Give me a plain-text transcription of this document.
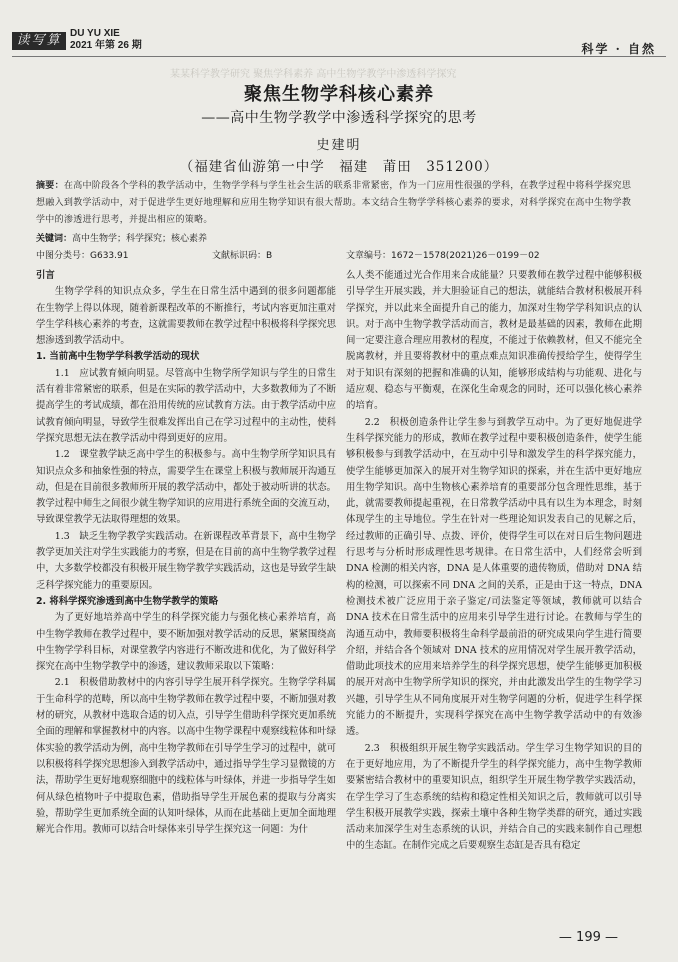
读写算 DU YU XIE
2021 年第 26 期	科学 · 自然
某某科学教学研究 聚焦学科素养 高中生物学教学中渗透科学探究
聚焦生物学科核心素养
——高中生物学教学中渗透科学探究的思考
史建明
（福建省仙游第一中学　福建　莆田　351200）
摘要：在高中阶段各个学科的教学活动中，生物学学科与学生社会生活的联系非常紧密，作为一门应用性很强的学科，在教学过程中将科学探究思想融入到教学活动中，对于促进学生更好地理解和应用生物学知识有很大帮助。本文结合生物学学科核心素养的要求，对科学探究在高中生物学教学中的渗透进行思考，并提出相应的策略。
关键词：高中生物学；科学探究；核心素养
中图分类号：G633.91	文献标识码：B	文章编号：1672－1578(2021)26－0199－02

引言

生物学学科的知识点众多，学生在日常生活中遇到的很多问题都能在生物学上得以体现，随着新课程改革的不断推行，考试内容更加注重对学生学科核心素养的考查，这就需要教师在教学过程中积极将科学探究思想渗透到教学活动中。

1. 当前高中生物学学科教学活动的现状

1.1　应试教育倾向明显。尽管高中生物学所学知识与学生的日常生活有着非常紧密的联系，但是在实际的教学活动中，大多数教师为了不断提高学生的考试成绩，都在沿用传统的应试教育方法。由于教学活动中应试教育倾向明显，导致学生很难发挥出自己在学习过程中的主动性，使科学探究思想无法在教学活动中得到更好的应用。

1.2　课堂教学缺乏高中学生的积极参与。高中生物学所学知识具有知识点众多和抽象性强的特点，需要学生在课堂上积极与教师展开沟通互动，但是在目前很多教师所开展的教学活动中，都处于被动听讲的状态。教学过程中师生之间很少就生物学知识的应用进行系统全面的交流互动，导致课堂教学无法取得理想的效果。

1.3　缺乏生物学教学实践活动。在新课程改革背景下，高中生物学教学更加关注对学生实践能力的考察，但是在目前的高中生物学教学过程中，大多数学校都没有积极开展生物学教学实践活动，这也是导致学生缺乏科学探究能力的重要原因。

2. 将科学探究渗透到高中生物学教学的策略

为了更好地培养高中学生的科学探究能力与强化核心素养培育，高中生物学教师在教学过程中，要不断加强对教学活动的反思，紧紧围绕高中生物学学科目标，对课堂教学内容进行不断改进和优化，为了做好科学探究在高中生物学教学中的渗透，建议教师采取以下策略：

2.1　积极借助教材中的内容引导学生展开科学探究。生物学学科属于生命科学的范畴，所以高中生物学教师在教学过程中要，不断加强对教材的研究，从教材中选取合适的切入点，引导学生借助科学探究更加系统全面的理解和掌握教材中的内容。以高中生物学课程中观察线粒体和叶绿体实验的教学活动为例，高中生物学教师在引导学生学习的过程中，就可以积极将科学探究思想渗入到教学活动中，通过指导学生学习显微镜的方法，帮助学生更好地观察细胞中的线粒体与叶绿体，并进一步指导学生如何从绿色植物叶子中提取色素，借助指导学生开展色素的提取与分离实验，帮助学生更加系统全面的认知叶绿体，从而在此基础上更加全面地理解光合作用。教师可以结合叶绿体来引导学生探究这一问题：为什

么人类不能通过光合作用来合成能量？只要教师在教学过程中能够积极引导学生开展实践，并大胆验证自己的想法，就能结合教材积极展开科学探究，并以此来全面提升自己的能力，加深对生物学学科知识点的认识。对于高中生物学教学活动而言，教材是最基础的因素，教师在此期间一定要注意合理应用教材的程度，不能过于依赖教材，但又不能完全脱离教材，并且要将教材中的重点难点知识准确传授给学生，使得学生对于知识有深刻的把握和准确的认知，能够形成结构与功能观、进化与适应观、稳态与平衡观，在深化生命观念的同时，还可以强化核心素养的培育。

2.2　积极创造条件让学生参与到教学互动中。为了更好地促进学生科学探究能力的形成，教师在教学过程中要积极创造条件，使学生能够积极参与到教学活动中，在互动中引导和激发学生的科学探究能力，使学生能够更加深入的展开对生物学知识的探索，并在生活中更好地应用生物学知识。高中生物核心素养培育的重要部分包含理性思维，基于此，就需要教师提起重视，在日常教学活动中具有以生为本理念，时刻体现学生的主导地位。学生在针对一些理论知识发表自己的见解之后，经过教师的正确引导、点拨、评价，使得学生可以在对日后生物问题进行思考与分析时形成理性思考规律。在日常生活中，人们经常会听到 DNA 检测的相关内容，DNA 是人体重要的遗传物质，借助对 DNA 结构的检测，可以探索不同 DNA 之间的关系，正是由于这一特点，DNA 检测技术被广泛应用于亲子鉴定/司法鉴定等领域，教师就可以结合 DNA 技术在日常生活中的应用来引导学生进行讨论。在教师与学生的沟通互动中，教师要积极将生命科学最前沿的研究成果向学生进行简要介绍，并结合各个领域对 DNA 技术的应用情况对学生展开教学活动，借助此项技术的应用来培养学生的科学探究思想，使学生能够更加积极的展开对高中生物学所学知识的探究，并由此激发出学生的生物学学习兴趣，引导学生从不同角度展开对生物学问题的分析，促进学生科学探究能力的不断提升，实现科学探究在高中生物学教学活动中的有效渗透。

2.3　积极组织开展生物学实践活动。学生学习生物学知识的目的在于更好地应用，为了不断提升学生的科学探究能力，高中生物学教师要紧密结合教材中的重要知识点，组织学生开展生物学教学实践活动，在学生学习了生态系统的结构和稳定性相关知识之后，教师就可以引导学生积极开展教学实践，探索土壤中各种生物学类群的研究，通过实践活动来加深学生对生态系统的认识，并结合自己的实践来制作自己理想中的生态缸。在制作完成之后要观察生态缸是否具有稳定

— 199 —
